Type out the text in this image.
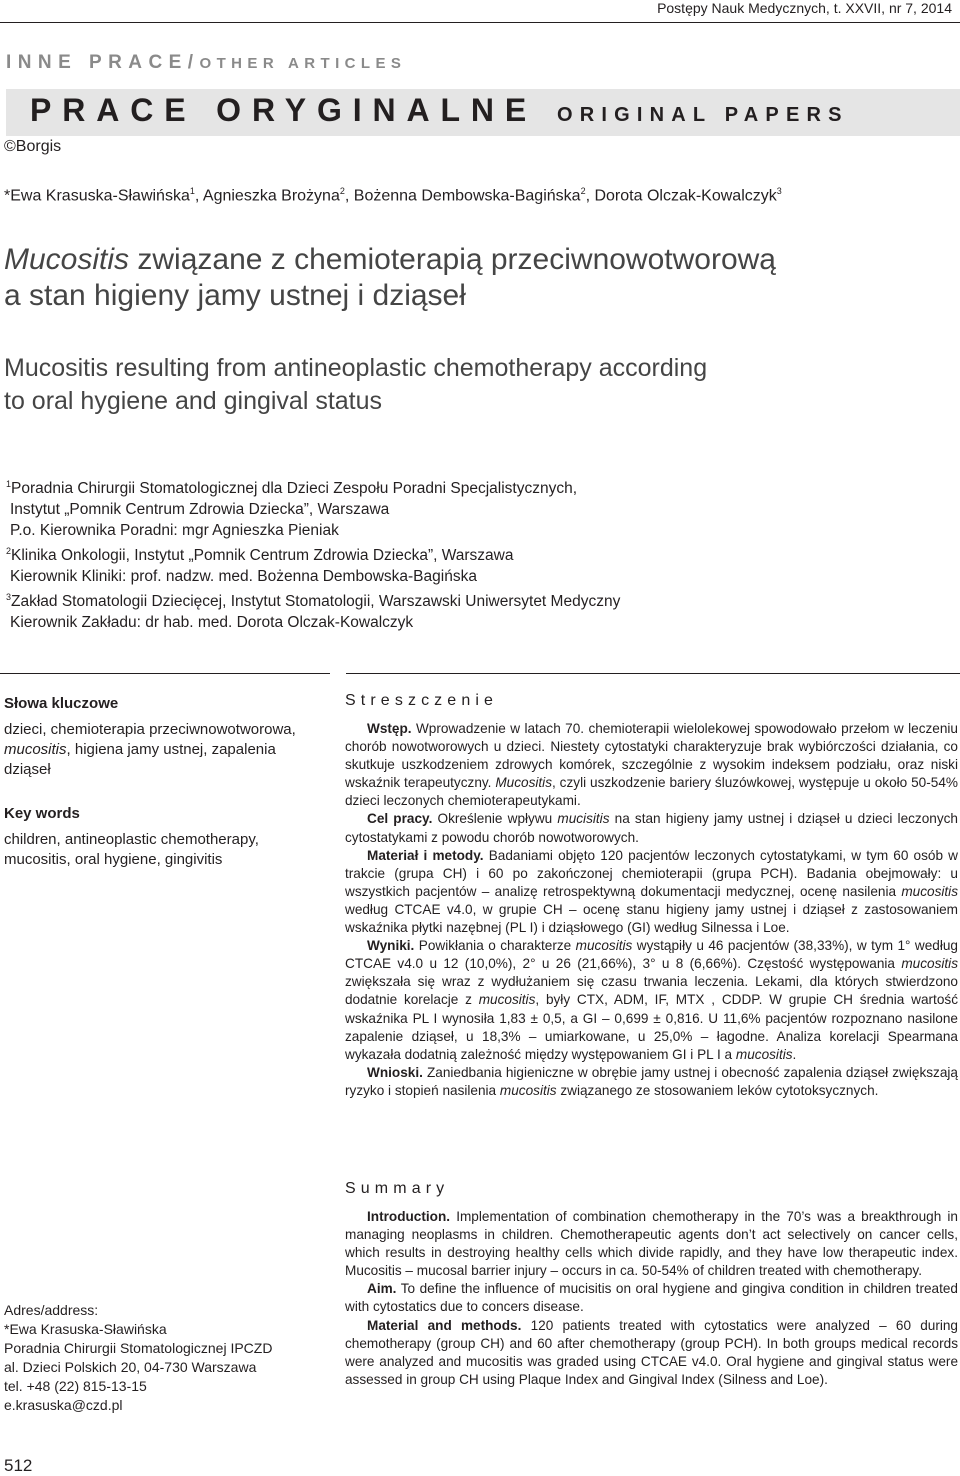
Postępy Nauk Medycznych, t. XXVII, nr 7, 2014
INNE PRACE/OTHER ARTICLES
PRACE ORYGINALNE ORIGINAL PAPERS
©Borgis
*Ewa Krasuska-Sławińska$^1$, Agnieszka Brożyna$^2$, Bożenna Dembowska-Bagińska$^2$, Dorota Olczak-Kowalczyk$^3$
Mucositis związane z chemioterapią przeciwnowotworową
a stan higieny jamy ustnej i dziąseł
Mucositis resulting from antineoplastic chemotherapy according
to oral hygiene and gingival status
$^1$Poradnia Chirurgii Stomatologicznej dla Dzieci Zespołu Poradni Specjalistycznych,
Instytut „Pomnik Centrum Zdrowia Dziecka”, Warszawa
P.o. Kierownika Poradni: mgr Agnieszka Pieniak
$^2$Klinika Onkologii, Instytut „Pomnik Centrum Zdrowia Dziecka”, Warszawa
Kierownik Kliniki: prof. nadzw. med. Bożenna Dembowska-Bagińska
$^3$Zakład Stomatologii Dziecięcej, Instytut Stomatologii, Warszawski Uniwersytet Medyczny
Kierownik Zakładu: dr hab. med. Dorota Olczak-Kowalczyk
Słowa kluczowe

dzieci, chemioterapia przeciwnowotworowa, mucositis, higiena jamy ustnej, zapalenia dziąseł

Key words

children, antineoplastic chemotherapy, mucositis, oral hygiene, gingivitis

Streszczenie

Wstęp. Wprowadzenie w latach 70. chemioterapii wielolekowej spowodowało przełom w leczeniu chorób nowotworowych u dzieci. Niestety cytostatyki charakteryzuje brak wybiórczości działania, co skutkuje uszkodzeniem zdrowych komórek, szczególnie z wysokim indeksem podziału, oraz niski wskaźnik terapeutyczny. Mucositis, czyli uszkodzenie bariery śluzówkowej, występuje u około 50-54% dzieci leczonych chemioterapeutykami.

Cel pracy. Określenie wpływu mucisitis na stan higieny jamy ustnej i dziąseł u dzieci leczonych cytostatykami z powodu chorób nowotworowych.

Materiał i metody. Badaniami objęto 120 pacjentów leczonych cytostatykami, w tym 60 osób w trakcie (grupa CH) i 60 po zakończonej chemioterapii (grupa PCH). Badania obejmowały: u wszystkich pacjentów – analizę retrospektywną dokumentacji medycznej, ocenę nasilenia mucositis według CTCAE v4.0, w grupie CH – ocenę stanu higieny jamy ustnej i dziąseł z zastosowaniem wskaźnika płytki nazębnej (PL I) i dziąsłowego (GI) według Silnessa i Loe.

Wyniki. Powikłania o charakterze mucositis wystąpiły u 46 pacjentów (38,33%), w tym 1° według CTCAE v4.0 u 12 (10,0%), 2° u 26 (21,66%), 3° u 8 (6,66%). Częstość występowania mucositis zwiększała się wraz z wydłużaniem się czasu trwania leczenia. Lekami, dla których stwierdzono dodatnie korelacje z mucositis, były CTX, ADM, IF, MTX , CDDP. W grupie CH średnia wartość wskaźnika PL I wynosiła 1,83 ± 0,5, a GI – 0,699 ± 0,816. U 11,6% pacjentów rozpoznano nasilone zapalenie dziąseł, u 18,3% – umiarkowane, u 25,0% – łagodne. Analiza korelacji Spearmana wykazała dodatnią zależność między występowaniem GI i PL I a mucositis.

Wnioski. Zaniedbania higieniczne w obrębie jamy ustnej i obecność zapalenia dziąseł zwiększają ryzyko i stopień nasilenia mucositis związanego ze stosowaniem leków cytotoksycznych.

Summary

Introduction. Implementation of combination chemotherapy in the 70’s was a breakthrough in managing neoplasms in children. Chemotherapeutic agents don’t act selectively on cancer cells, which results in destroying healthy cells which divide rapidly, and they have low therapeutic index. Mucositis – mucosal barrier injury – occurs in ca. 50-54% of children treated with chemotherapy.

Aim. To define the influence of mucisitis on oral hygiene and gingiva condition in children treated with cytostatics due to concers disease.

Material and methods. 120 patients treated with cytostatics were analyzed – 60 during chemotherapy (group CH) and 60 after chemotherapy (group PCH). In both groups medical records were analyzed and mucositis was graded using CTCAE v4.0. Oral hygiene and gingival status were assessed in group CH using Plaque Index and Gingival Index (Silness and Loe).

Adres/address:
*Ewa Krasuska-Sławińska
Poradnia Chirurgii Stomatologicznej IPCZD
al. Dzieci Polskich 20, 04-730 Warszawa
tel. +48 (22) 815-13-15
e.krasuska@czd.pl
512
